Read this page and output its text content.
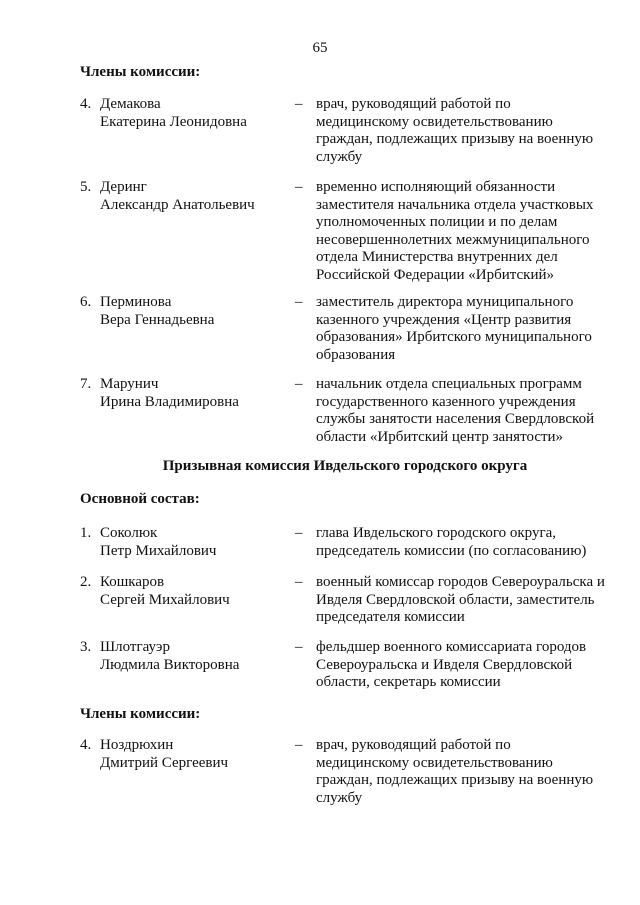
65
Члены комиссии:
4. Демакова
Екатерина Леонидовна
– врач, руководящий работой по
медицинскому освидетельствованию
граждан, подлежащих призыву на военную
службу
5. Деринг
Александр Анатольевич
– временно исполняющий обязанности
заместителя начальника отдела участковых
уполномоченных полиции и по делам
несовершеннолетних межмуниципального
отдела Министерства внутренних дел
Российской Федерации «Ирбитский»
6. Перминова
Вера Геннадьевна
– заместитель директора муниципального
казенного учреждения «Центр развития
образования» Ирбитского муниципального
образования
7. Марунич
Ирина Владимировна
– начальник отдела специальных программ
государственного казенного учреждения
службы занятости населения Свердловской
области «Ирбитский центр занятости»
Призывная комиссия Ивдельского городского округа
Основной состав:
1. Соколюк
Петр Михайлович
– глава Ивдельского городского округа,
председатель комиссии (по согласованию)
2. Кошкаров
Сергей Михайлович
– военный комиссар городов Североуральска и
Ивделя Свердловской области, заместитель
председателя комиссии
3. Шлотгауэр
Людмила Викторовна
– фельдшер военного комиссариата городов
Североуральска и Ивделя Свердловской
области, секретарь комиссии
Члены комиссии:
4. Ноздрюхин
Дмитрий Сергеевич
– врач, руководящий работой по
медицинскому освидетельствованию
граждан, подлежащих призыву на военную
службу
